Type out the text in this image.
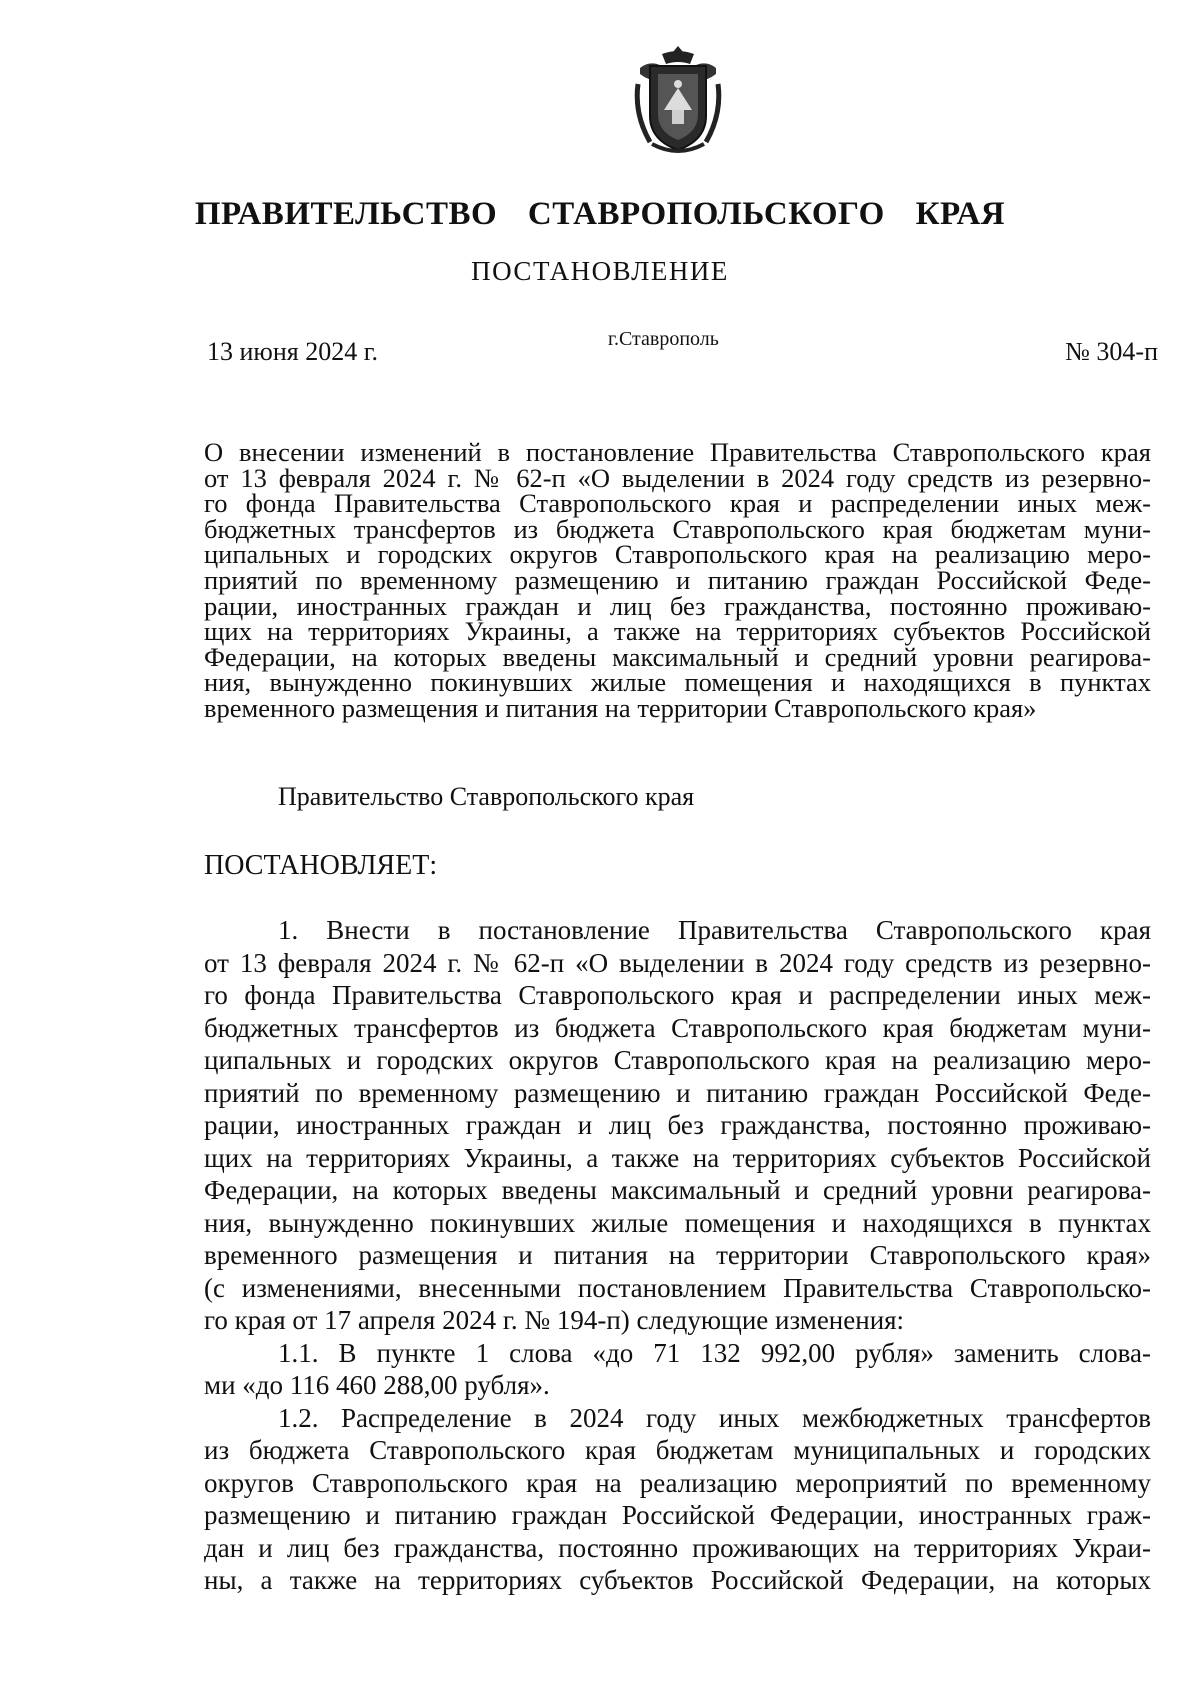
ПРАВИТЕЛЬСТВО СТАВРОПОЛЬСКОГО КРАЯ
ПОСТАНОВЛЕНИЕ
13 июня 2024 г.	г.Ставрополь	№ 304-п
О внесении изменений в постановление Правительства Ставропольского края
от 13 февраля 2024 г. № 62-п «О выделении в 2024 году средств из резервно-
го фонда Правительства Ставропольского края и распределении иных меж-
бюджетных трансфертов из бюджета Ставропольского края бюджетам муни-
ципальных и городских округов Ставропольского края на реализацию меро-
приятий по временному размещению и питанию граждан Российской Феде-
рации, иностранных граждан и лиц без гражданства, постоянно проживаю-
щих на территориях Украины, а также на территориях субъектов Российской
Федерации, на которых введены максимальный и средний уровни реагирова-
ния, вынужденно покинувших жилые помещения и находящихся в пунктах
временного размещения и питания на территории Ставропольского края»
Правительство Ставропольского края
ПОСТАНОВЛЯЕТ:
1. Внести в постановление Правительства Ставропольского края
от 13 февраля 2024 г. № 62-п «О выделении в 2024 году средств из резервно-
го фонда Правительства Ставропольского края и распределении иных меж-
бюджетных трансфертов из бюджета Ставропольского края бюджетам муни-
ципальных и городских округов Ставропольского края на реализацию меро-
приятий по временному размещению и питанию граждан Российской Феде-
рации, иностранных граждан и лиц без гражданства, постоянно проживаю-
щих на территориях Украины, а также на территориях субъектов Российской
Федерации, на которых введены максимальный и средний уровни реагирова-
ния, вынужденно покинувших жилые помещения и находящихся в пунктах
временного размещения и питания на территории Ставропольского края»
(с изменениями, внесенными постановлением Правительства Ставропольско-
го края от 17 апреля 2024 г. № 194-п) следующие изменения:
1.1. В пункте 1 слова «до 71 132 992,00 рубля» заменить слова-
ми «до 116 460 288,00 рубля».
1.2. Распределение в 2024 году иных межбюджетных трансфертов
из бюджета Ставропольского края бюджетам муниципальных и городских
округов Ставропольского края на реализацию мероприятий по временному
размещению и питанию граждан Российской Федерации, иностранных граж-
дан и лиц без гражданства, постоянно проживающих на территориях Украи-
ны, а также на территориях субъектов Российской Федерации, на которых
